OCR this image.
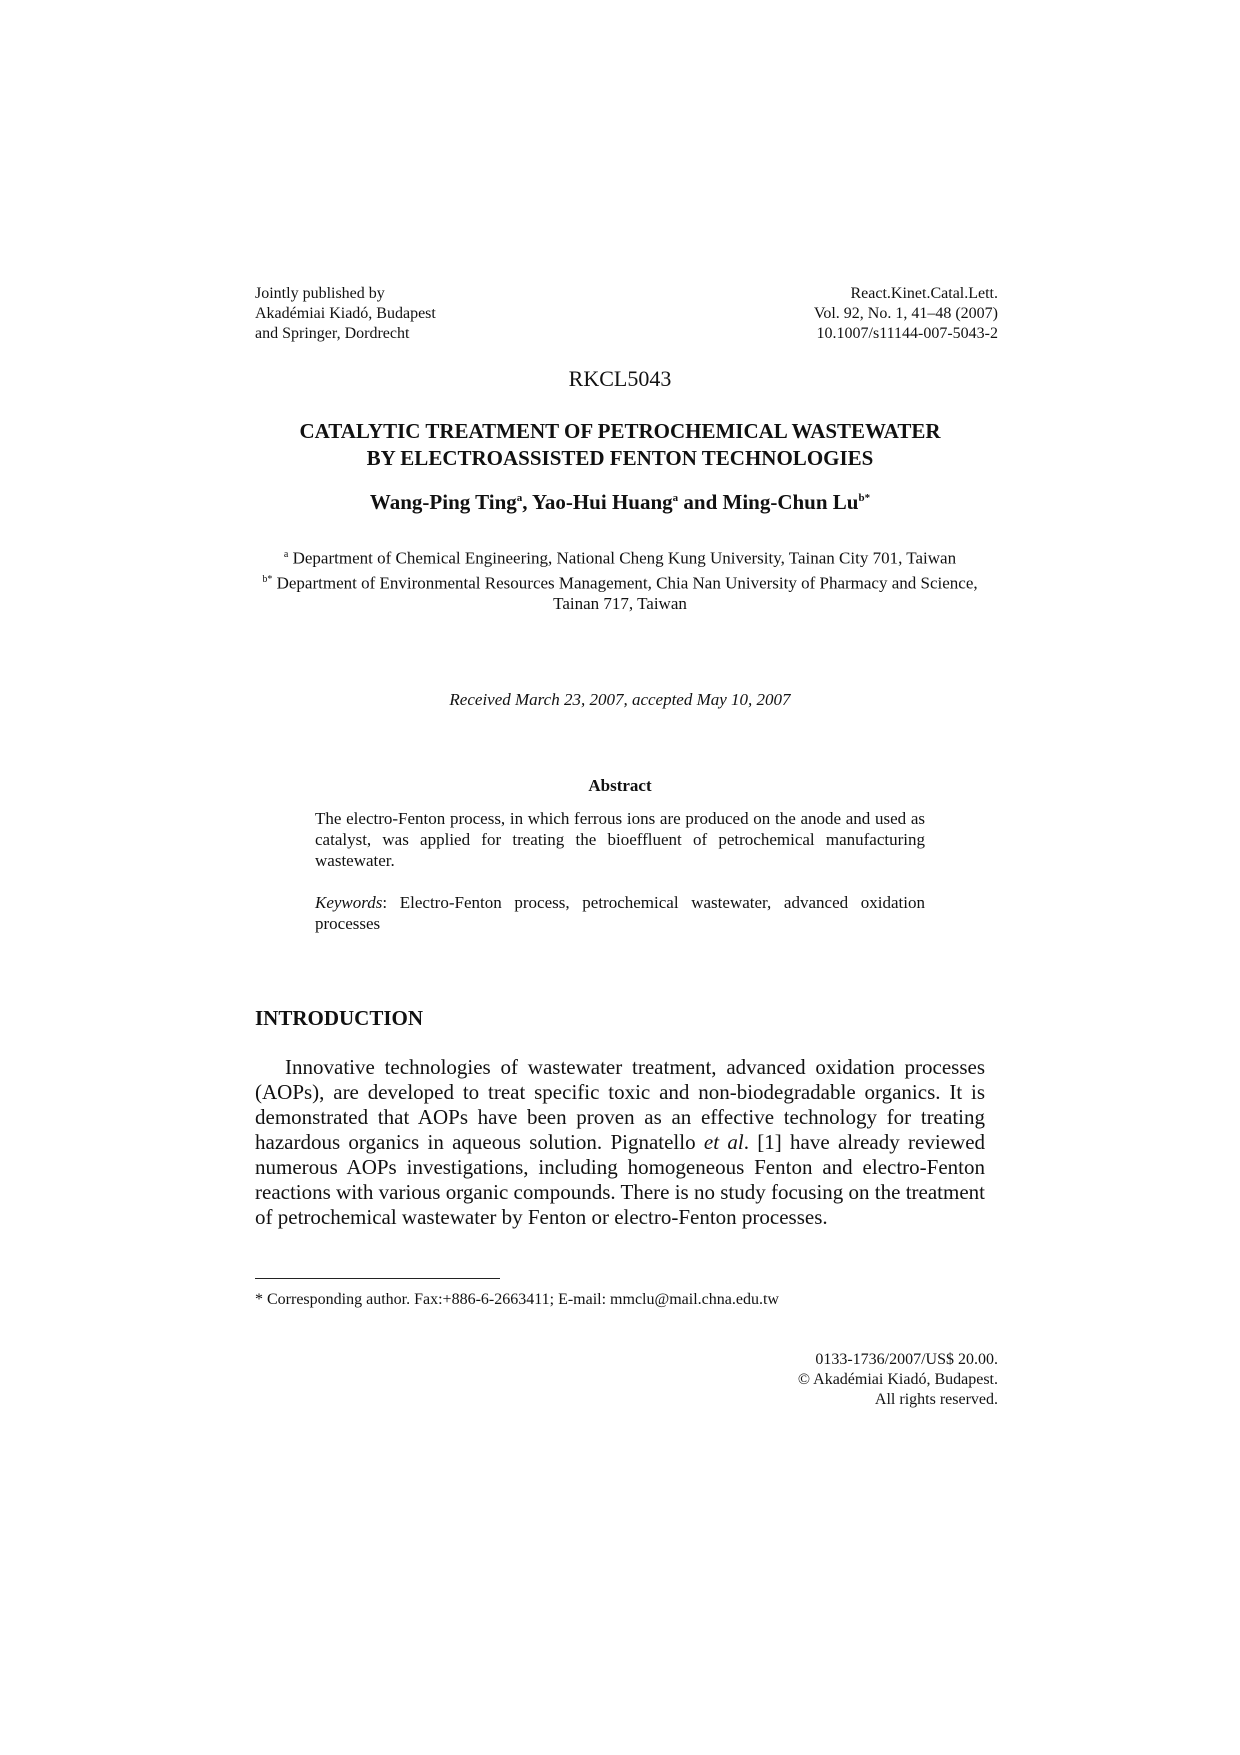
Jointly published by
Akadémiai Kiadó, Budapest
and Springer, Dordrecht
React.Kinet.Catal.Lett.
Vol. 92, No. 1, 41–48 (2007)
10.1007/s11144-007-5043-2
RKCL5043
CATALYTIC TREATMENT OF PETROCHEMICAL WASTEWATER
BY ELECTROASSISTED FENTON TECHNOLOGIES
Wang-Ping Ting$^a$, Yao-Hui Huang$^a$ and Ming-Chun $Lu^{b*}$
$^a$ Department of Chemical Engineering, National Cheng Kung University, Tainan City 701, Taiwan
$^{b*}$ Department of Environmental Resources Management, Chia Nan University of Pharmacy and Science, Tainan 717, Taiwan
Received March 23, 2007, accepted May 10, 2007
Abstract
The electro-Fenton process, in which ferrous ions are produced on the anode and used as catalyst, was applied for treating the bioeffluent of petrochemical manufacturing wastewater.
Keywords: Electro-Fenton process, petrochemical wastewater, advanced oxidation processes
INTRODUCTION
Innovative technologies of wastewater treatment, advanced oxidation processes (AOPs), are developed to treat specific toxic and non-biodegradable organics. It is demonstrated that AOPs have been proven as an effective technology for treating hazardous organics in aqueous solution. Pignatello et al. [1] have already reviewed numerous AOPs investigations, including homogeneous Fenton and electro-Fenton reactions with various organic compounds. There is no study focusing on the treatment of petrochemical wastewater by Fenton or electro-Fenton processes.
* Corresponding author. Fax:+886-6-2663411; E-mail: mmclu@mail.chna.edu.tw
0133-1736/2007/US$ 20.00.
© Akadémiai Kiadó, Budapest.
All rights reserved.
